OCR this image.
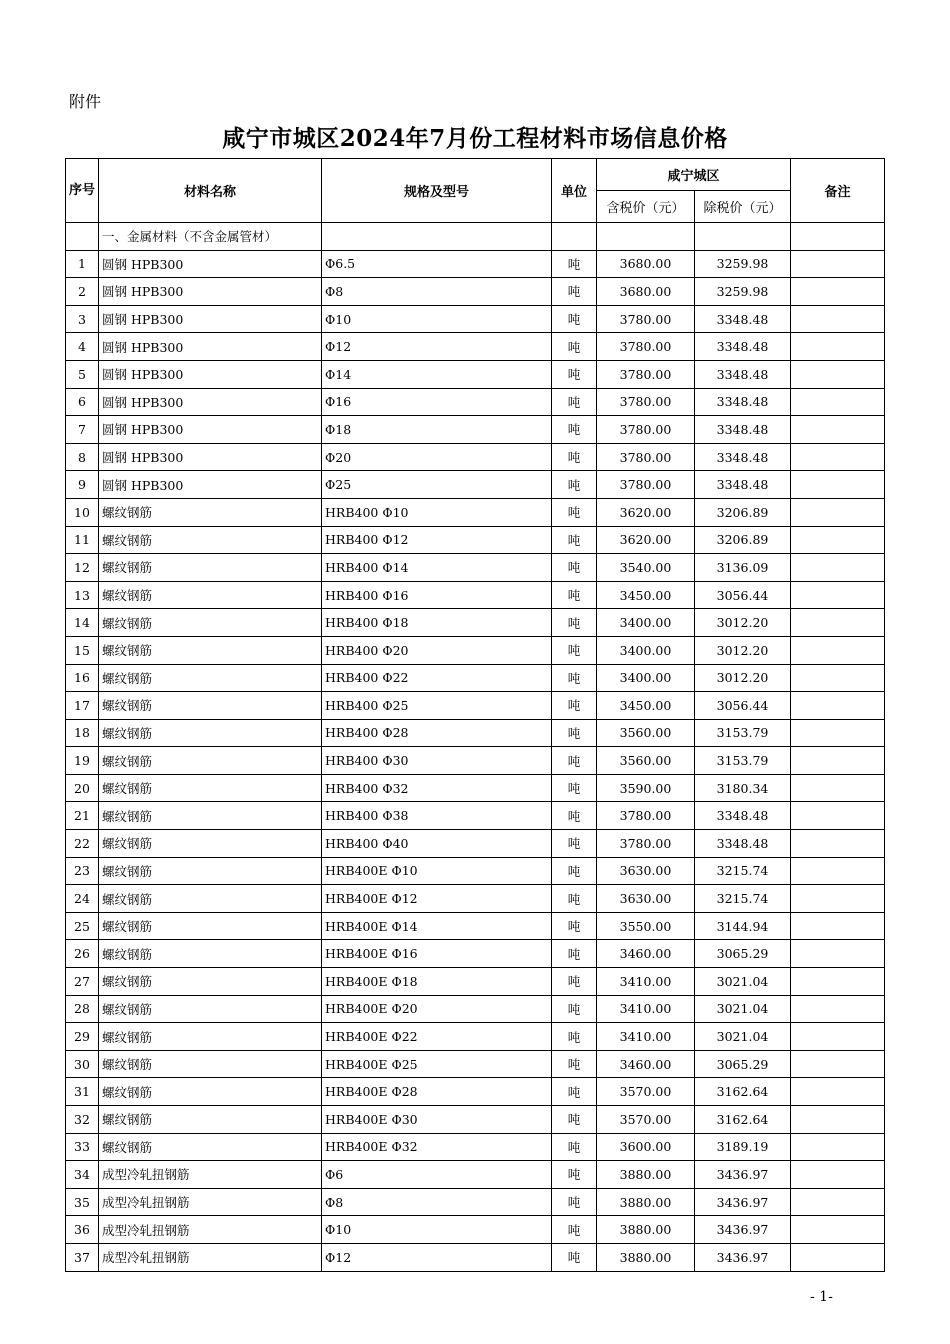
附件
咸宁市城区2024年7月份工程材料市场信息价格
序号	材料名称	规格及型号	单位	咸宁城区		备注
				含税价（元）	除税价（元）	
	一、金属材料（不含金属管材）					
1	圆钢 HPB300	Φ6.5	吨	3680.00	3259.98	
2	圆钢 HPB300	Φ8	吨	3680.00	3259.98	
3	圆钢 HPB300	Φ10	吨	3780.00	3348.48	
4	圆钢 HPB300	Φ12	吨	3780.00	3348.48	
5	圆钢 HPB300	Φ14	吨	3780.00	3348.48	
6	圆钢 HPB300	Φ16	吨	3780.00	3348.48	
7	圆钢 HPB300	Φ18	吨	3780.00	3348.48	
8	圆钢 HPB300	Φ20	吨	3780.00	3348.48	
9	圆钢 HPB300	Φ25	吨	3780.00	3348.48	
10	螺纹钢筋	HRB400 Φ10	吨	3620.00	3206.89	
11	螺纹钢筋	HRB400 Φ12	吨	3620.00	3206.89	
12	螺纹钢筋	HRB400 Φ14	吨	3540.00	3136.09	
13	螺纹钢筋	HRB400 Φ16	吨	3450.00	3056.44	
14	螺纹钢筋	HRB400 Φ18	吨	3400.00	3012.20	
15	螺纹钢筋	HRB400 Φ20	吨	3400.00	3012.20	
16	螺纹钢筋	HRB400 Φ22	吨	3400.00	3012.20	
17	螺纹钢筋	HRB400 Φ25	吨	3450.00	3056.44	
18	螺纹钢筋	HRB400 Φ28	吨	3560.00	3153.79	
19	螺纹钢筋	HRB400 Φ30	吨	3560.00	3153.79	
20	螺纹钢筋	HRB400 Φ32	吨	3590.00	3180.34	
21	螺纹钢筋	HRB400 Φ38	吨	3780.00	3348.48	
22	螺纹钢筋	HRB400 Φ40	吨	3780.00	3348.48	
23	螺纹钢筋	HRB400E Φ10	吨	3630.00	3215.74	
24	螺纹钢筋	HRB400E Φ12	吨	3630.00	3215.74	
25	螺纹钢筋	HRB400E Φ14	吨	3550.00	3144.94	
26	螺纹钢筋	HRB400E Φ16	吨	3460.00	3065.29	
27	螺纹钢筋	HRB400E Φ18	吨	3410.00	3021.04	
28	螺纹钢筋	HRB400E Φ20	吨	3410.00	3021.04	
29	螺纹钢筋	HRB400E Φ22	吨	3410.00	3021.04	
30	螺纹钢筋	HRB400E Φ25	吨	3460.00	3065.29	
31	螺纹钢筋	HRB400E Φ28	吨	3570.00	3162.64	
32	螺纹钢筋	HRB400E Φ30	吨	3570.00	3162.64	
33	螺纹钢筋	HRB400E Φ32	吨	3600.00	3189.19	
34	成型冷轧扭钢筋	Φ6	吨	3880.00	3436.97	
35	成型冷轧扭钢筋	Φ8	吨	3880.00	3436.97	
36	成型冷轧扭钢筋	Φ10	吨	3880.00	3436.97	
37	成型冷轧扭钢筋	Φ12	吨	3880.00	3436.97	
- 1-
